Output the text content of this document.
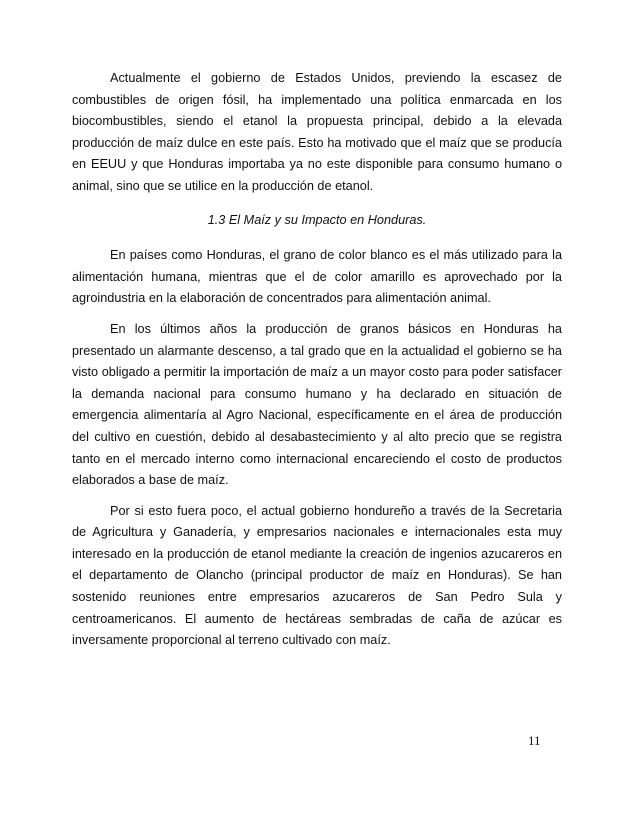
Actualmente el gobierno de Estados Unidos, previendo la escasez de combustibles de origen fósil, ha implementado una política enmarcada en los biocombustibles, siendo el etanol la propuesta principal, debido a la elevada producción de maíz dulce en este país. Esto ha motivado que el maíz que se producía en EEUU y que Honduras importaba ya no este disponible para consumo humano o animal, sino que se utilice en la producción de etanol.

1.3 El Maíz y su Impacto en Honduras.

En países como Honduras, el grano de color blanco es el más utilizado para la alimentación humana, mientras que el de color amarillo es aprovechado por la agroindustria en la elaboración de concentrados para alimentación animal.

En los últimos años la producción de granos básicos en Honduras ha presentado un alarmante descenso, a tal grado que en la actualidad el gobierno se ha visto obligado a permitir la importación de maíz a un mayor costo para poder satisfacer la demanda nacional para consumo humano y ha declarado en situación de emergencia alimentaría al Agro Nacional, específicamente en el área de producción del cultivo en cuestión, debido al desabastecimiento y al alto precio que se registra tanto en el mercado interno como internacional encareciendo el costo de productos elaborados a base de maíz.

Por si esto fuera poco, el actual gobierno hondureño a través de la Secretaria de Agricultura y Ganadería, y empresarios nacionales e internacionales esta muy interesado en la producción de etanol mediante la creación de ingenios azucareros en el departamento de Olancho (principal productor de maíz en Honduras). Se han sostenido reuniones entre empresarios azucareros de San Pedro Sula y centroamericanos. El aumento de hectáreas sembradas de caña de azúcar es inversamente proporcional al terreno cultivado con maíz.

11
